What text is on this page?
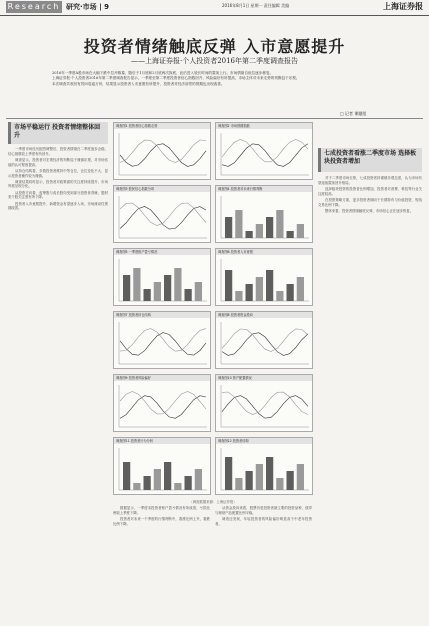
Research 研究·市场 | 9	2016年8月1日 星期一 责任编辑 美编	上海证券报
投资者情绪触底反弹 入市意愿提升
——上海证券报·个人投资者2016年第二季度调查报告

2016年一季度A股市场在大幅下跌中拉开帷幕，随后于1月底和2月底两次探底，此后进入较长时间的震荡上行。市场情绪自低位逐步修复。

上海证券报·个人投资者2016年第二季度调查报告显示，一季度至第二季度投资者信心指数回升，风险偏好有所提高，市场主体对未来走势的判断趋于乐观。

本次调查共收回有效问卷逾万份，结果显示投资者入市意愿有所提升，投资者对经济前景的预期也出现改善。

□ 记者 课题组
市场平稳运行 投资者情绪整体回升

一季度市场经历剧烈调整后，投资者情绪在二季度逐步企稳，信心指数较上季度有所回升。

调查显示，投资者对宏观经济的判断趋于谨慎乐观，对市场估值的认可程度提高。

从持仓结构看，多数投资者维持中等仓位，仓位变化不大，显示投资者操作较为谨慎。

调查结果同时显示，投资者对政策面的关注度持续提升，市场风格呈现分化。

从投资方向看，蓝筹股与成长股均受到部分投资者青睐，题材类个股关注度有所下降。

投资者入市意愿提升，新增资金有望逐步入场，市场流动性预期改善。

调查图1 投资者信心指数走势	调查图2 市场预期指数
调查图3 股民信心指数分项	调查图4 投资者对未来行情判断
调查图5 一季度账户盈亏情况	调查图6 投资者入市意愿
调查图7 投资者持仓结构	调查图8 投资者资金投向
调查图9 投资者风险偏好	调查图10 资产配置情况
调查图11 投资者行为分析	调查图12 投资者结构
（调查数据来源：上海证券报）

数据显示，一季度末投资者账户盈亏情况有所改善，亏损比例较上季度下降。

投资者对未来一个季度的行情判断中，看涨比例上升，看跌比例下降。

从资金投向来看，股票仍是投资者最主要的投资品种，债券与理财产品配置比例平稳。

调查还发现，年轻投资者的风险偏好明显高于中老年投资者。

七成投资者看涨二季度市场 选择板块投资者增加

对于二季度市场走势，七成投资者持谨慎乐观态度，认为市场有望延续震荡回升格局。

选择板块投资的投资者比例增加，投资者对消费、科技等行业关注度较高。

在投资策略方面，更多投资者倾向于长期持有与价值投资，短线交易比例下降。

整体来看，投资者情绪触底反弹，市场信心正在逐步恢复。
